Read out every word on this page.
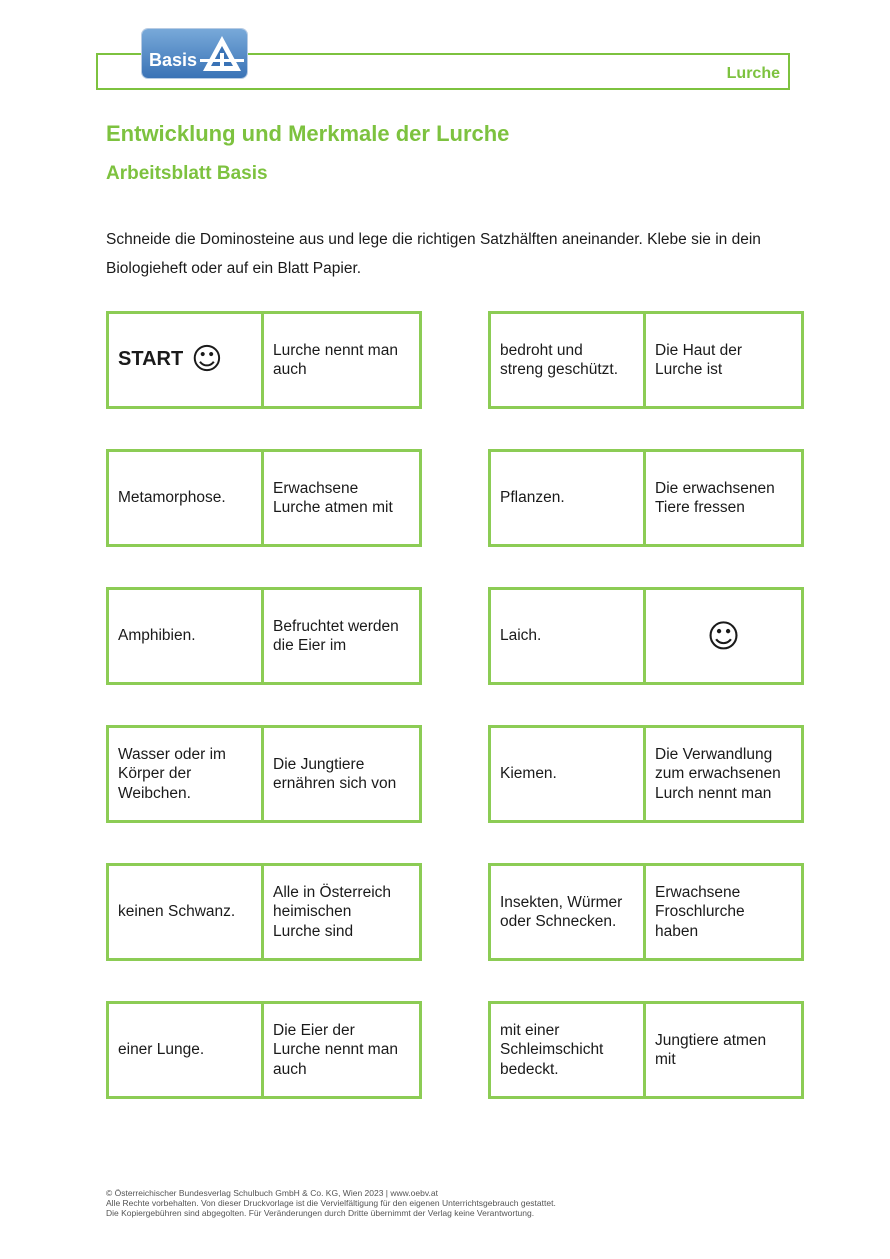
Lurche
Basis
Entwicklung und Merkmale der Lurche
Arbeitsblatt Basis

Schneide die Dominosteine aus und lege die richtigen Satzhälften aneinander. Klebe sie in dein Biologieheft oder auf ein Blatt Papier.

START ☺	Lurche nennt man
auch
bedroht und
streng geschützt.
Die Haut der
Lurche ist
Metamorphose.
Erwachsene
Lurche atmen mit
Pflanzen.
Die erwachsenen
Tiere fressen
Amphibien.
Befruchtet werden
die Eier im
Laich.	☺
Wasser oder im
Körper der
Weibchen.
Die Jungtiere
ernähren sich von
Kiemen.
Die Verwandlung
zum erwachsenen
Lurch nennt man
keinen Schwanz.
Alle in Österreich
heimischen
Lurche sind
Insekten, Würmer
oder Schnecken.
Erwachsene
Froschlurche
haben
einer Lunge.
Die Eier der
Lurche nennt man
auch
mit einer
Schleimschicht
bedeckt.
Jungtiere atmen
mit
© Österreichischer Bundesverlag Schulbuch GmbH & Co. KG, Wien 2023 | www.oebv.at
Alle Rechte vorbehalten. Von dieser Druckvorlage ist die Vervielfältigung für den eigenen Unterrichtsgebrauch gestattet.
Die Kopiergebühren sind abgegolten. Für Veränderungen durch Dritte übernimmt der Verlag keine Verantwortung.
